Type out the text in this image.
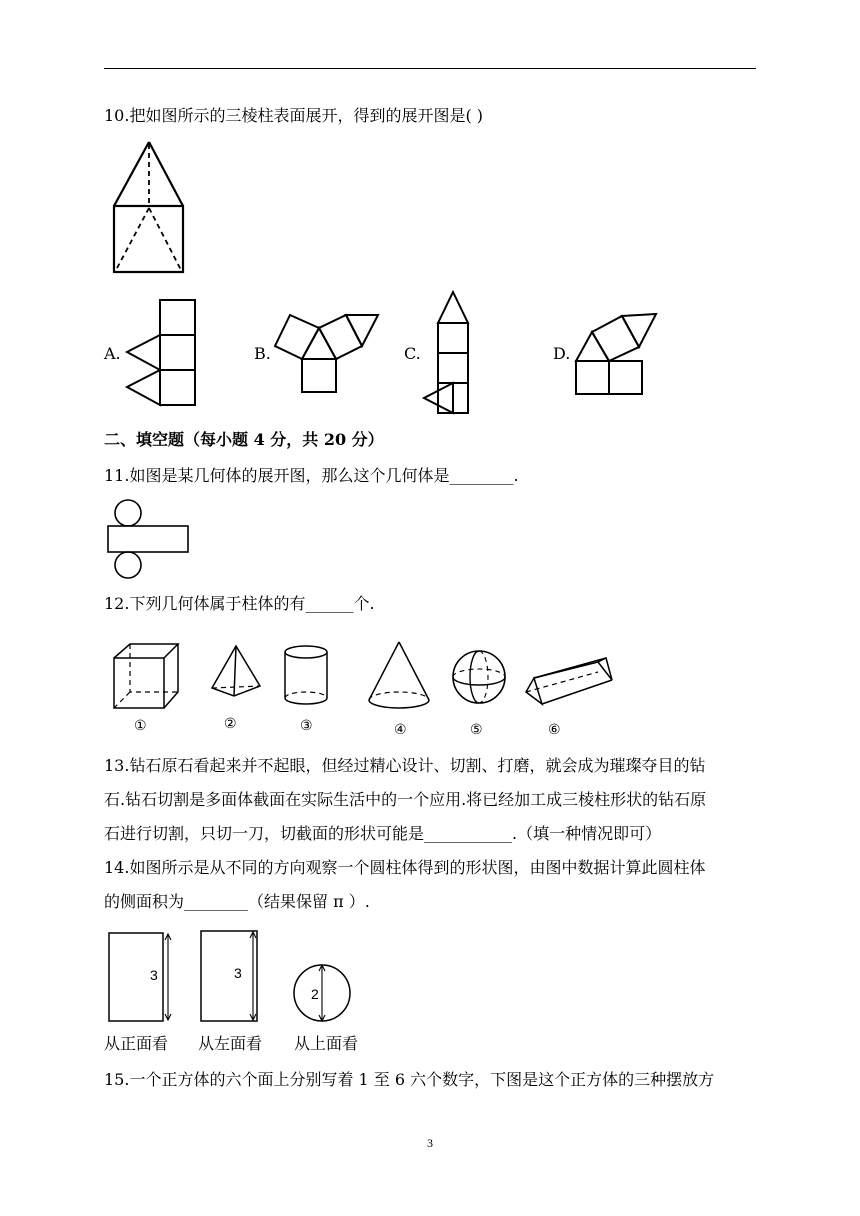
10.把如图所示的三棱柱表面展开，得到的展开图是( )
A.	B.	C.	D.
二、填空题（每小题 4 分，共 20 分）
11.如图是某几何体的展开图，那么这个几何体是________.
12.下列几何体属于柱体的有______个.
①	②	③	④	⑤	⑥
13.钻石原石看起来并不起眼，但经过精心设计、切割、打磨，就会成为璀璨夺目的钻
石.钻石切割是多面体截面在实际生活中的一个应用.将已经加工成三棱柱形状的钻石原
石进行切割，只切一刀，切截面的形状可能是___________.（填一种情况即可）
14.如图所示是从不同的方向观察一个圆柱体得到的形状图，由图中数据计算此圆柱体
的侧面积为________（结果保留 π ）.
3
从正面看
3
从左面看
2
从上面看
15.一个正方体的六个面上分别写着 1 至 6 六个数字，下图是这个正方体的三种摆放方
3
